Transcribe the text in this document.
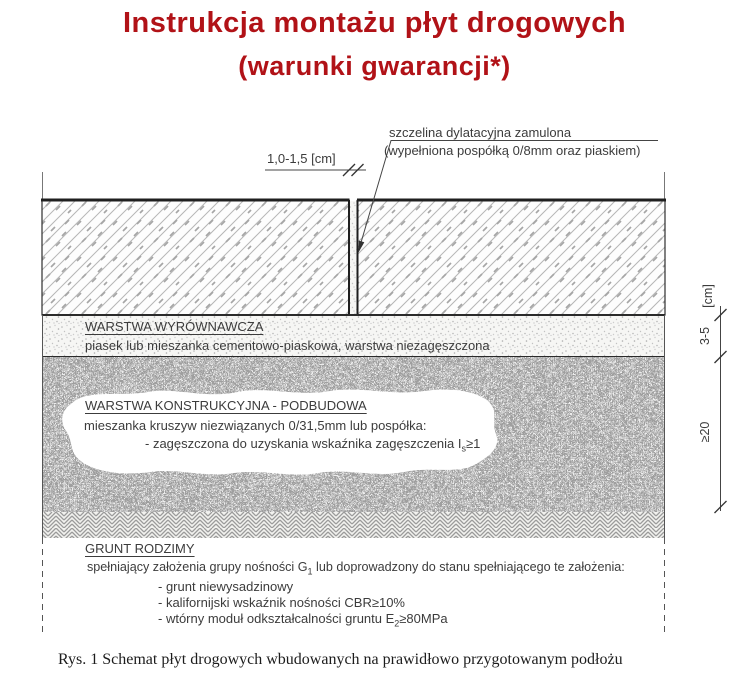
Instrukcja montażu płyt drogowych
(warunki gwarancji*)
szczelina dylatacyjna zamulona
(wypełniona pospółką 0/8mm oraz piaskiem)
1,0-1,5 [cm]
WARSTWA WYRÓWNAWCZA
piasek lub mieszanka cementowo-piaskowa, warstwa niezagęszczona
WARSTWA KONSTRUKCYJNA - PODBUDOWA
mieszanka kruszyw niezwiązanych 0/31,5mm lub pospółka:
- zagęszczona do uzyskania wskaźnika zagęszczenia $I_s\ge 1$
GRUNT RODZIMY
spełniający założenia grupy nośności $G_1$ lub doprowadzony do stanu spełniającego te założenia:
- grunt niewysadzinowy
- kalifornijski wskaźnik nośności CBR≥10%
- wtórny moduł odkształcalności gruntu $E_2\ge 80MPa$
[cm]
3-5
≥20
Rys. 1 Schemat płyt drogowych wbudowanych na prawidłowo przygotowanym podłożu
